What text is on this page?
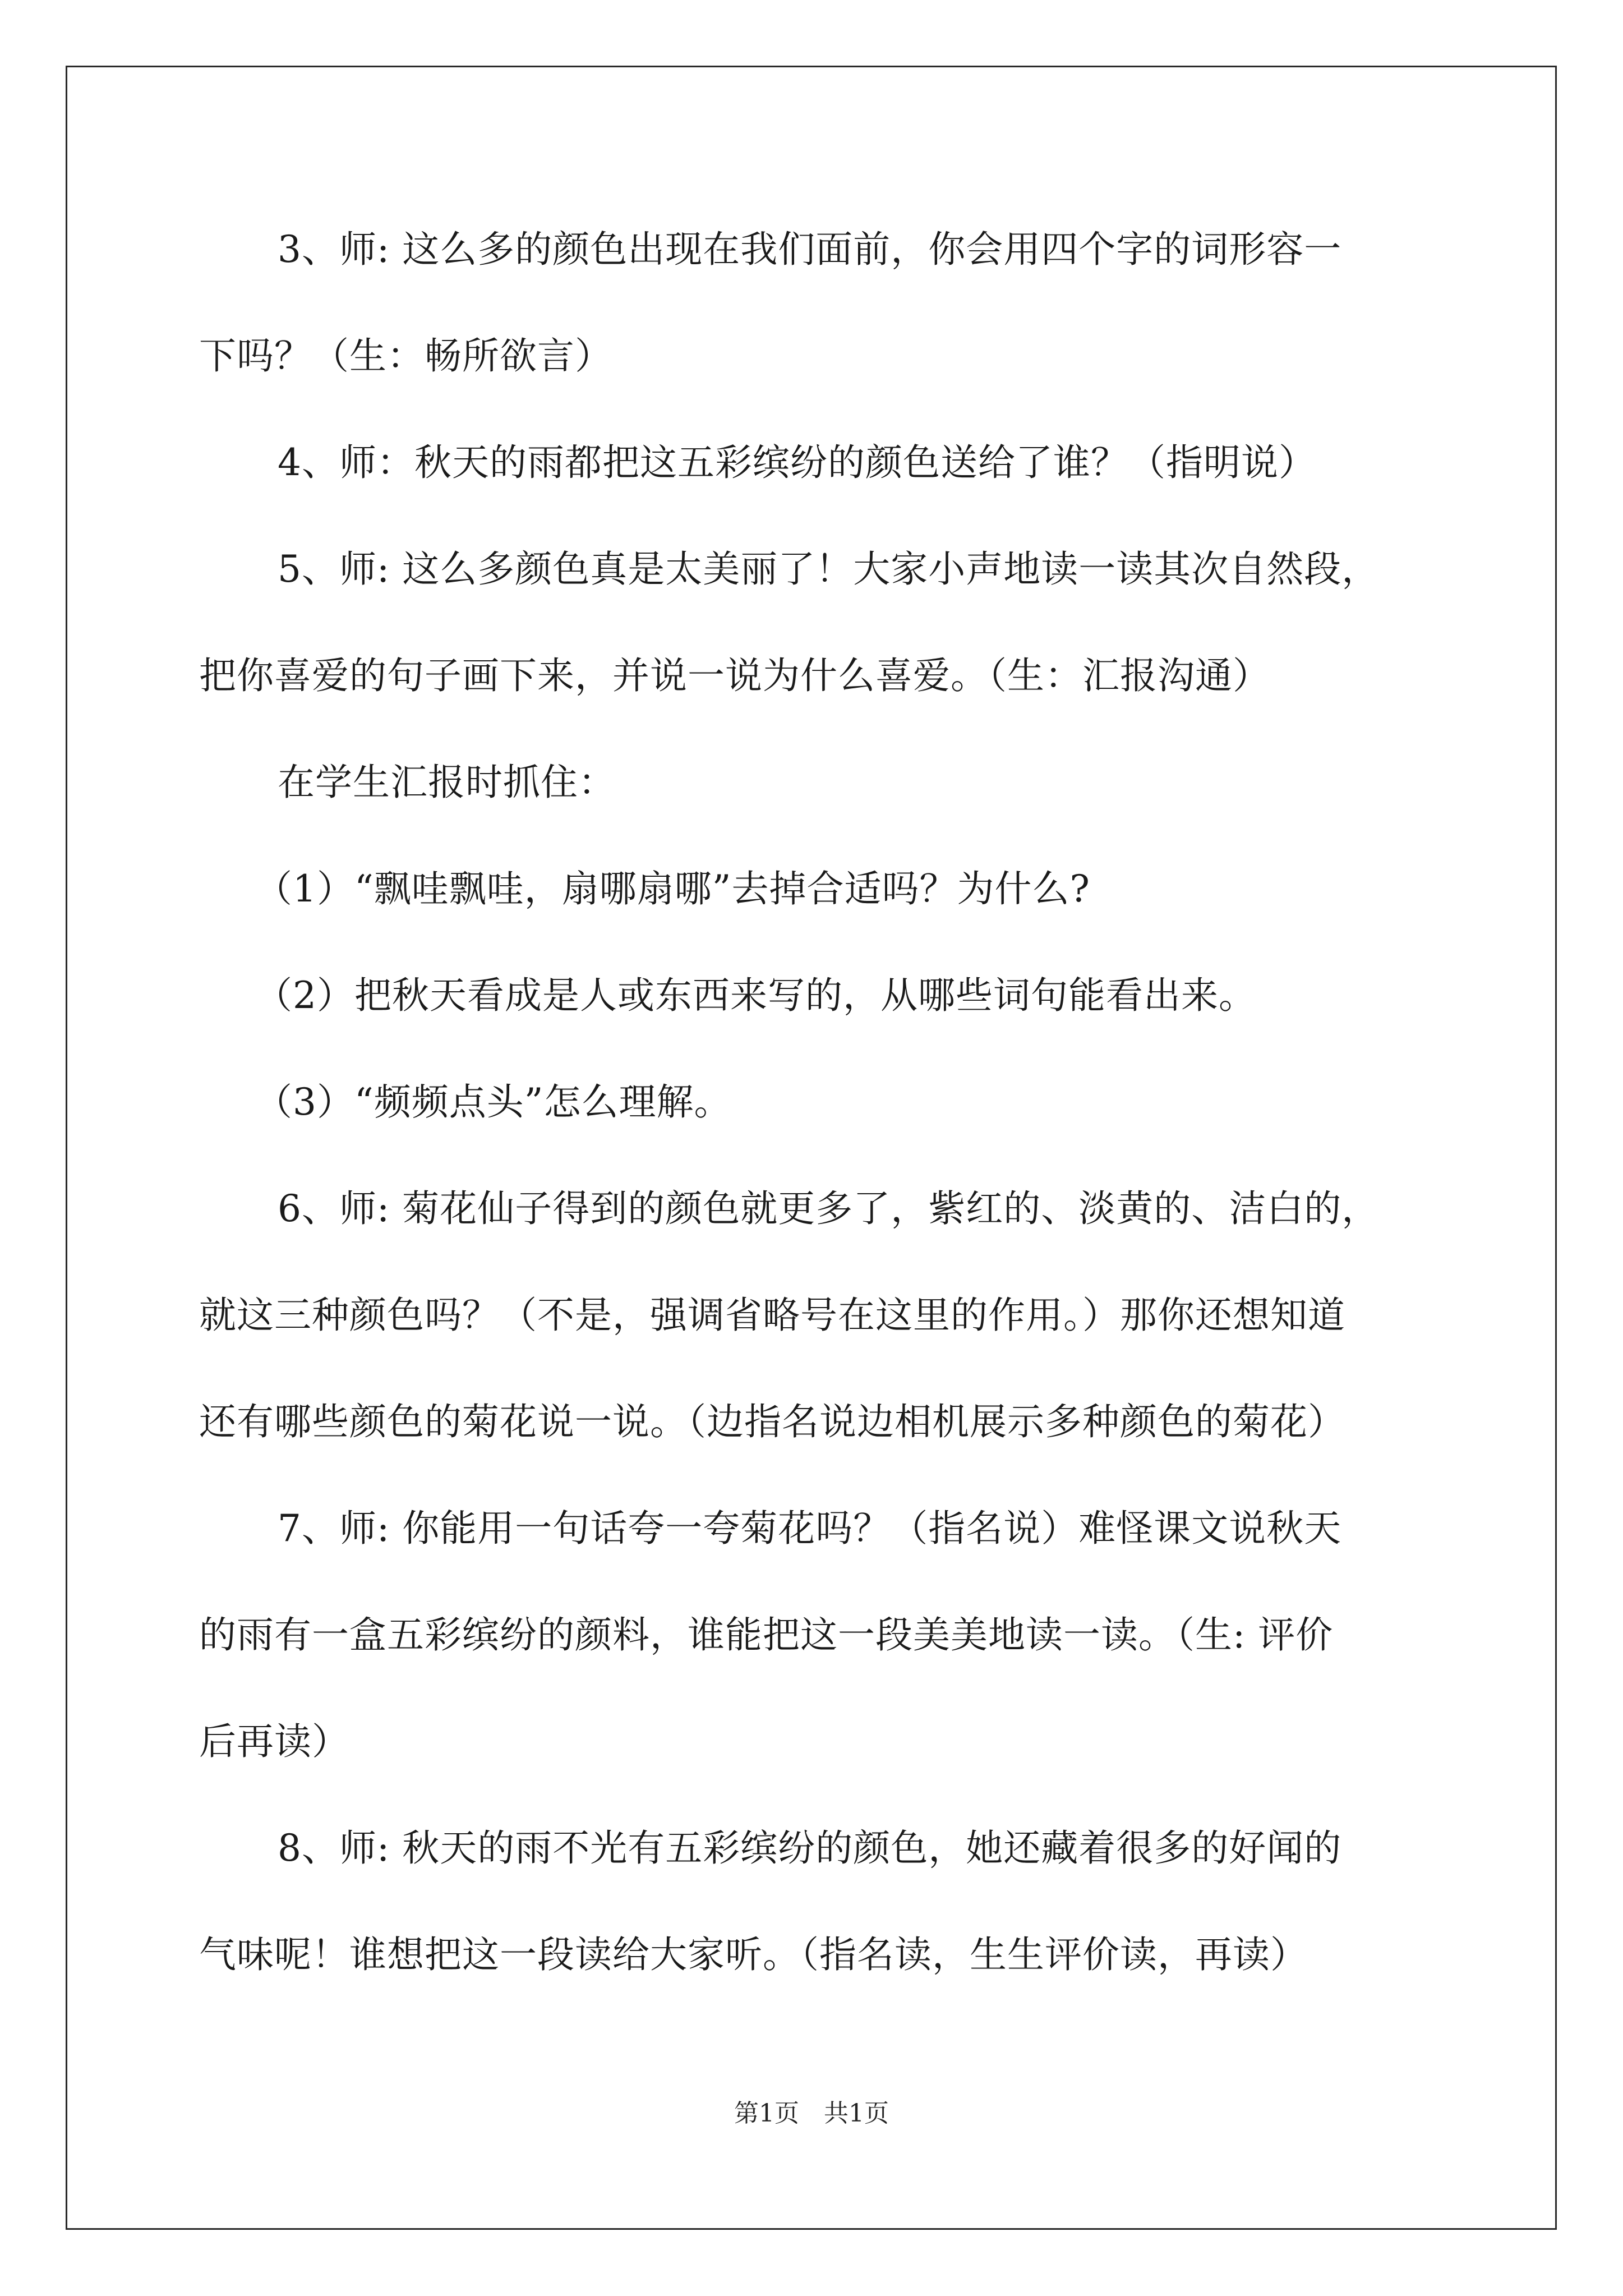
3、师: 这么多的颜色出现在我们面前，你会用四个字的词形容一
下吗？（生：畅所欲言）
4、师：秋天的雨都把这五彩缤纷的颜色送给了谁？（指明说）
5、师: 这么多颜色真是太美丽了！大家小声地读一读其次自然段，
把你喜爱的句子画下来，并说一说为什么喜爱。（生：汇报沟通）
在学生汇报时抓住：
（1）“飘哇飘哇，扇哪扇哪”去掉合适吗？为什么?
（2）把秋天看成是人或东西来写的，从哪些词句能看出来。
（3）“频频点头”怎么理解。
6、师: 菊花仙子得到的颜色就更多了，紫红的、淡黄的、洁白的，
就这三种颜色吗？（不是，强调省略号在这里的作用。）那你还想知道
还有哪些颜色的菊花说一说。（边指名说边相机展示多种颜色的菊花）
7、师: 你能用一句话夸一夸菊花吗？（指名说）难怪课文说秋天
的雨有一盒五彩缤纷的颜料，谁能把这一段美美地读一读。（生: 评价
后再读）
8、师: 秋天的雨不光有五彩缤纷的颜色，她还藏着很多的好闻的
气味呢！谁想把这一段读给大家听。（指名读，生生评价读，再读）
第1页　共1页
